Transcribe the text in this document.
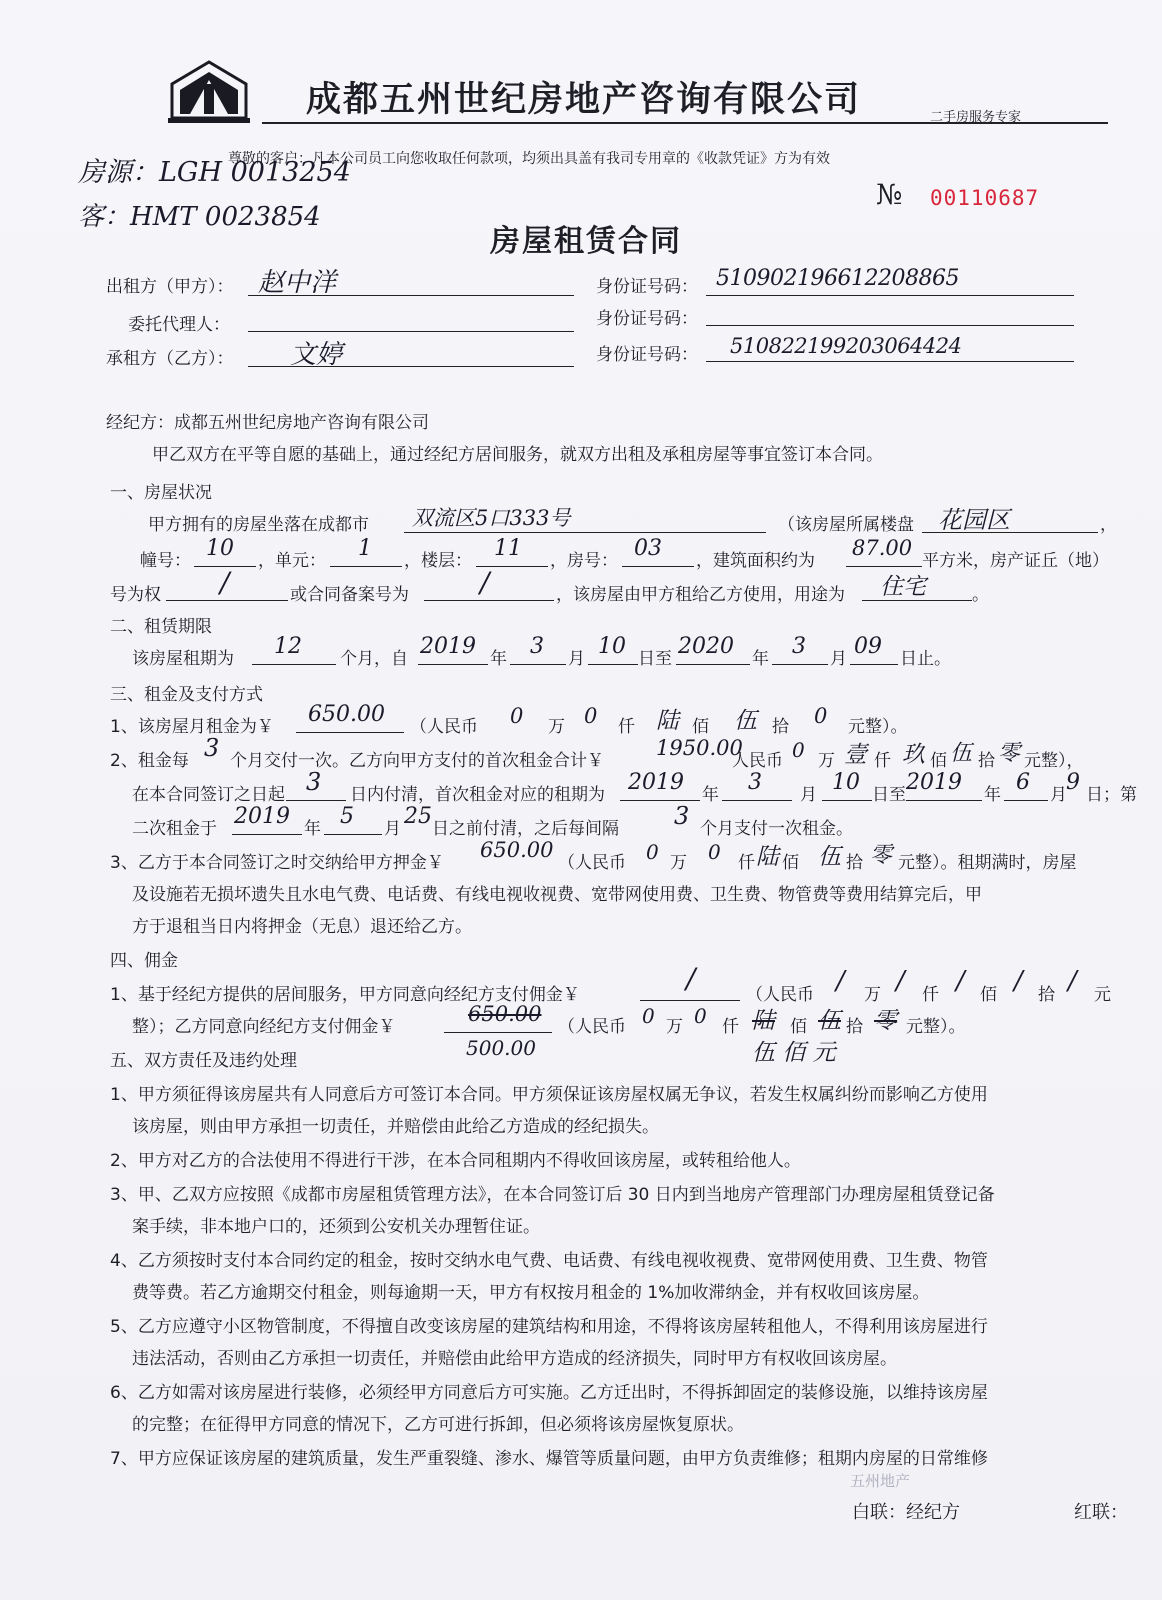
成都五州世纪房地产咨询有限公司	二手房服务专家
尊敬的客户：凡本公司员工向您收取任何款项，均须出具盖有我司专用章的《收款凭证》方为有效
№ 00110687
房源：LGH 0013254
客：HMT 0023854
房屋租赁合同
出租方（甲方）： 赵中洋	身份证号码： 510902196612208865
委托代理人：	身份证号码：
承租方（乙方）： 文婷	身份证号码： 510822199203064424
经纪方：成都五州世纪房地产咨询有限公司
甲乙双方在平等自愿的基础上，通过经纪方居间服务，就双方出租及承租房屋等事宜签订本合同。
一、房屋状况
甲方拥有的房屋坐落在成都市 双流区5口333号	（该房屋所属楼盘 花园区	，
幢号： 10 ，单元： 1 ，楼层： 11 ，房号： 03 ，建筑面积约为
87.00
平方米，房产证丘（地）
号为权 /	或合同备案号为	/	，该房屋由甲方租给乙方使用，用途为 住宅	。
二、租赁期限
该房屋租期为 12 个月，自 2019 年 3 月 10 日至 2020 年 3 月 09 日止。
三、租金及支付方式
1、该房屋月租金为￥ 650.00 （人民币 0 万 0 仟 陆 佰 伍 拾 0 元整）。
2、租金每 3 个月交付一次。乙方向甲方支付的首次租金合计￥
1950.00
人民币 0 万 壹 仟 玖 佰 伍 拾 零 元整），
在本合同签订之日起 3 日内付清，首次租金对应的租期为 2019 年 3 月 10 日至 2019 年 6 月 9 日；第
二次租金于 2019 年 5 月 25 日之前付清，之后每间隔 3 个月支付一次租金。
3、乙方于本合同签订之时交纳给甲方押金￥
650.00
（人民币 0 万 0 仟 陆 佰 伍 拾 零 元整）。租期满时，房屋
及设施若无损坏遗失且水电气费、电话费、有线电视收视费、宽带网使用费、卫生费、物管费等费用结算完后，甲
方于退租当日内将押金（无息）退还给乙方。
四、佣金
1、基于经纪方提供的居间服务，甲方同意向经纪方支付佣金￥	/	（人民币 / 万 / 仟 / 佰 / 拾 / 元
整）；乙方同意向经纪方支付佣金￥
650.00
（人民币 0 万 0 仟 陆 佰 伍 拾 零 元整）。
500.00	伍 佰 元
五、双方责任及违约处理
1、甲方须征得该房屋共有人同意后方可签订本合同。甲方须保证该房屋权属无争议，若发生权属纠纷而影响乙方使用
该房屋，则由甲方承担一切责任，并赔偿由此给乙方造成的经纪损失。
2、甲方对乙方的合法使用不得进行干涉，在本合同租期内不得收回该房屋，或转租给他人。
3、甲、乙双方应按照《成都市房屋租赁管理方法》，在本合同签订后 30 日内到当地房产管理部门办理房屋租赁登记备
案手续，非本地户口的，还须到公安机关办理暂住证。
4、乙方须按时支付本合同约定的租金，按时交纳水电气费、电话费、有线电视收视费、宽带网使用费、卫生费、物管
费等费。若乙方逾期交付租金，则每逾期一天，甲方有权按月租金的 1%加收滞纳金，并有权收回该房屋。
5、乙方应遵守小区物管制度，不得擅自改变该房屋的建筑结构和用途，不得将该房屋转租他人，不得利用该房屋进行
违法活动，否则由乙方承担一切责任，并赔偿由此给甲方造成的经济损失，同时甲方有权收回该房屋。
6、乙方如需对该房屋进行装修，必须经甲方同意后方可实施。乙方迁出时，不得拆卸固定的装修设施，以维持该房屋
的完整；在征得甲方同意的情况下，乙方可进行拆卸，但必须将该房屋恢复原状。
7、甲方应保证该房屋的建筑质量，发生严重裂缝、渗水、爆管等质量问题，由甲方负责维修；租期内房屋的日常维修
五州地产
白联：经纪方	红联：
